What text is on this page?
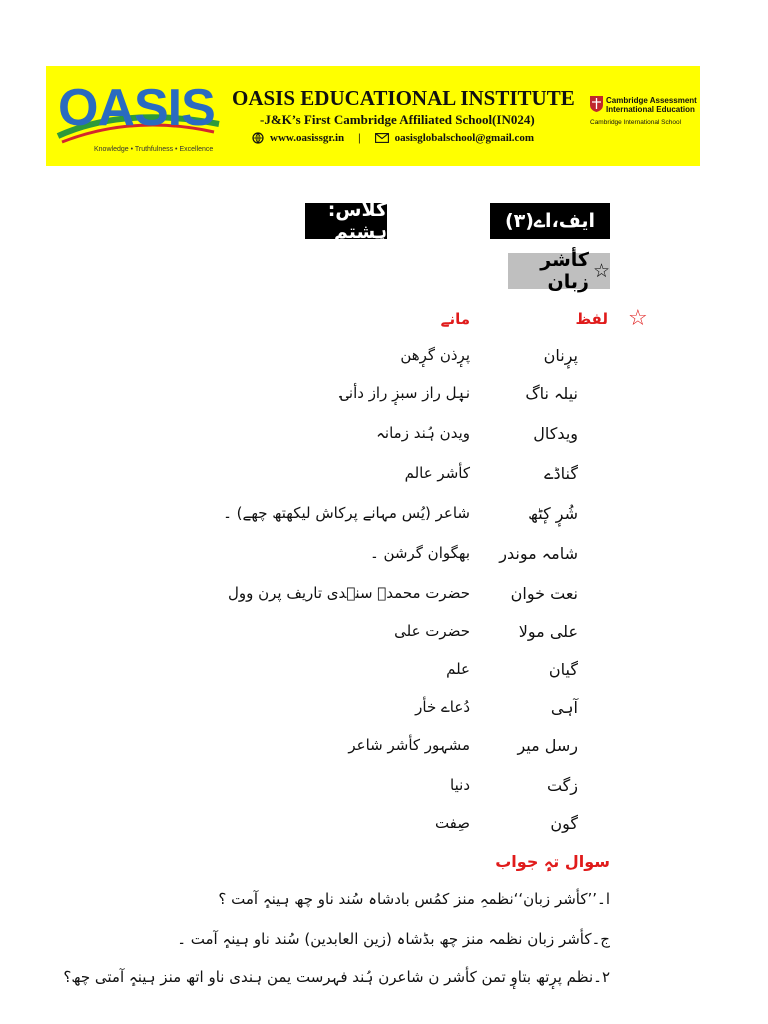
OASIS
Knowledge • Truthfulness • Excellence
OASIS EDUCATIONAL INSTITUTE
-J&K’s First Cambridge Affiliated School(IN024)
www.oasissgr.in |	oasisglobalschool@gmail.com
Cambridge Assessment
International Education
Cambridge International School
کلاس: ہٕشتم	ایف،اے(۳)
☆
کأشر زبان
☆
لفظ
مانے
پرٕنان
پرٕذن گرٕھن
نیلہ ناگ
نیٖل راز سبزٕ راز دأنۍ
ویدکال
ویدن ہُند زمانہ
گناڈے
کأشر عالم
شُرٕ کٕٹھ
شاعر (یُس مہانے پرکاش لیکھتھ چھے) ۔
شامہ موندر
بھگوان گرشن ۔
نعت خوان
حضرت محمدﷺ سنٛدی تاریف پرن وول
علی مولا
حضرت علی
گیان
علم
آہی
دُعاے خأر
رسل میر
مشہور کأشر شاعر
زگت
دنیا
گون
صِفت
سوال تہٕ جواب
ا۔’’کأشر زبان‘‘نظمہِ منز کمُس بادشاہ سُند ناو چھ ہینہٕ آمت ؟
ج۔کأشر زبان نظمہ منز چھ بڈشاہ (زین العابدین) سُند ناو ہینہٕ آمت ۔
۲۔نظم پرٕتھ بتاوٕ تمن کأشر ن شاعرن ہُند فہرست یمن ہندی ناو اتھ منز ہینہٕ آمتی چھ؟
